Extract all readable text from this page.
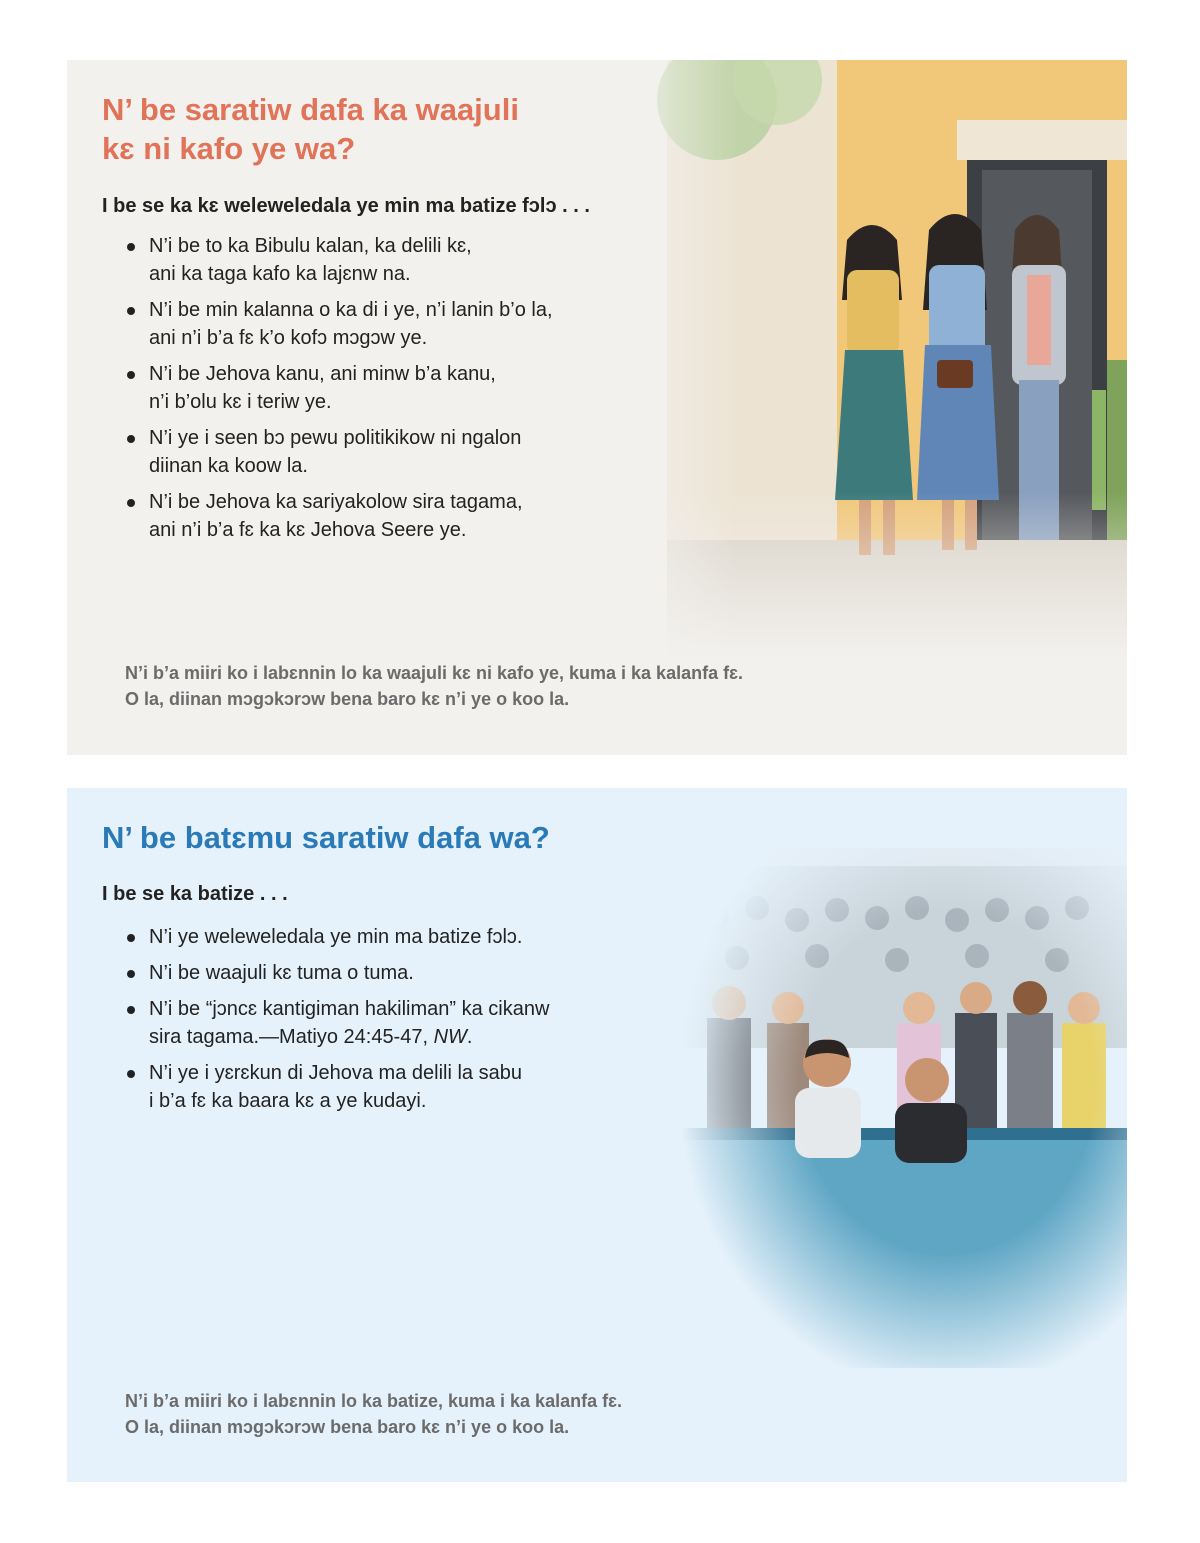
N’ be saratiw dafa ka waajuli
kɛ ni kafo ye wa?

I be se ka kɛ weleweledala ye min ma batize fɔlɔ . . .

N’i be to ka Bibulu kalan, ka delili kɛ,
ani ka taga kafo ka lajɛnw na.
N’i be min kalanna o ka di i ye, n’i lanin b’o la,
ani n’i b’a fɛ k’o kofɔ mɔgɔw ye.
N’i be Jehova kanu, ani minw b’a kanu,
n’i b’olu kɛ i teriw ye.
N’i ye i seen bɔ pewu politikikow ni ngalon
diinan ka koow la.
N’i be Jehova ka sariyakolow sira tagama,
ani n’i b’a fɛ ka kɛ Jehova Seere ye.

N’i b’a miiri ko i labɛnnin lo ka waajuli kɛ ni kafo ye, kuma i ka kalanfa fɛ.
O la, diinan mɔgɔkɔrɔw bena baro kɛ n’i ye o koo la.

N’ be batɛmu saratiw dafa wa?

I be se ka batize . . .

N’i ye weleweledala ye min ma batize fɔlɔ.
N’i be waajuli kɛ tuma o tuma.
N’i be “jɔncɛ kantigiman hakiliman” ka cikanw
sira tagama.—Matiyo 24:45-47, NW.
N’i ye i yɛrɛkun di Jehova ma delili la sabu
i b’a fɛ ka baara kɛ a ye kudayi.

N’i b’a miiri ko i labɛnnin lo ka batize, kuma i ka kalanfa fɛ.
O la, diinan mɔgɔkɔrɔw bena baro kɛ n’i ye o koo la.
